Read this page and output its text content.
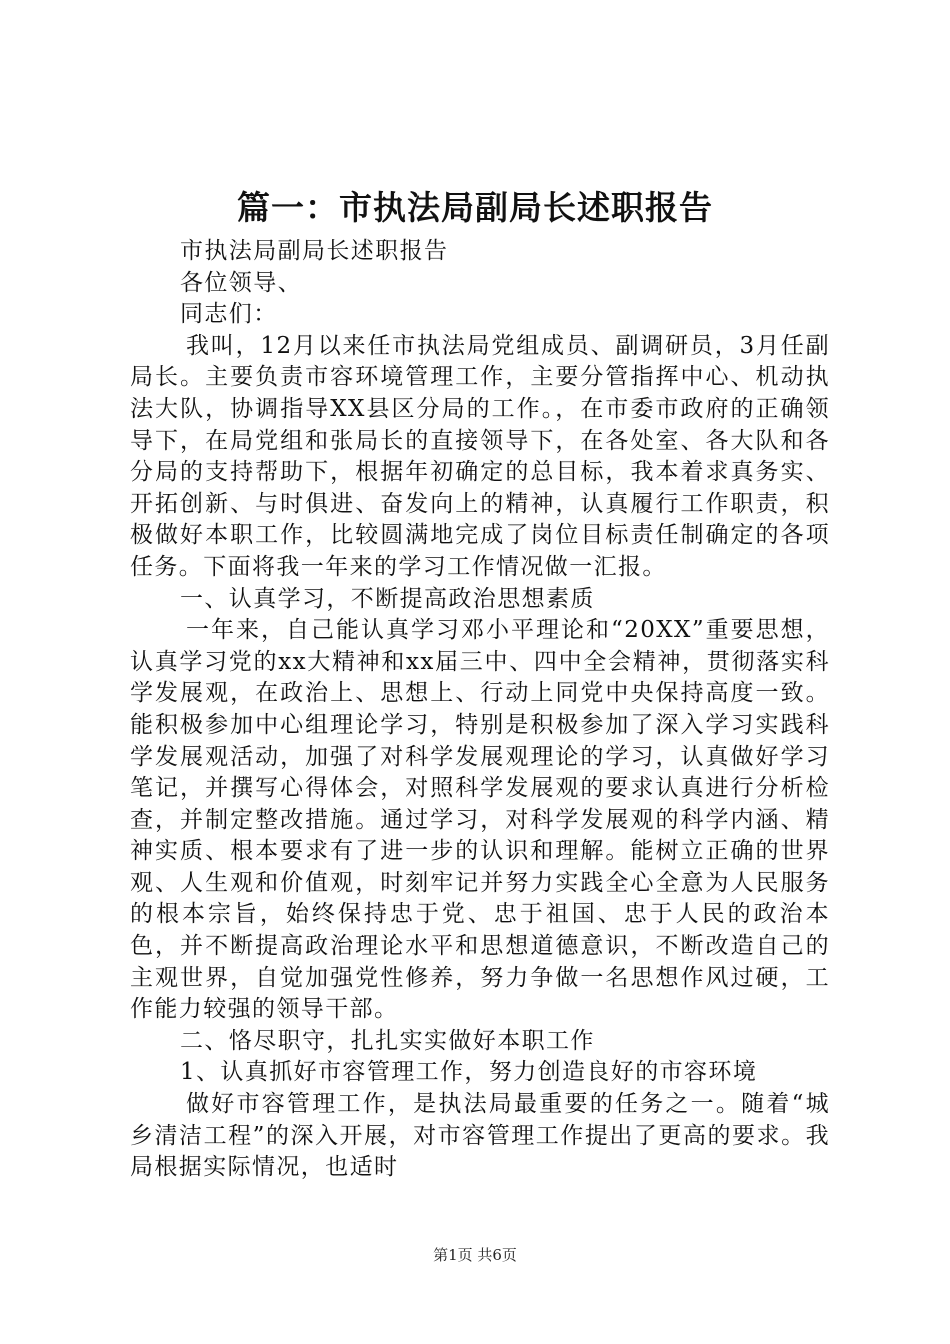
篇一：市执法局副局长述职报告

市执法局副局长述职报告

各位领导、

同志们：

我叫，12月以来任市执法局党组成员、副调研员，3月任副局长。主要负责市容环境管理工作，主要分管指挥中心、机动执法大队，协调指导XX县区分局的工作。，在市委市政府的正确领导下，在局党组和张局长的直接领导下，在各处室、各大队和各分局的支持帮助下，根据年初确定的总目标，我本着求真务实、开拓创新、与时俱进、奋发向上的精神，认真履行工作职责，积极做好本职工作，比较圆满地完成了岗位目标责任制确定的各项任务。下面将我一年来的学习工作情况做一汇报。

一、认真学习，不断提高政治思想素质

一年来，自己能认真学习邓小平理论和“20XX”重要思想，认真学习党的xx大精神和xx届三中、四中全会精神，贯彻落实科学发展观，在政治上、思想上、行动上同党中央保持高度一致。能积极参加中心组理论学习，特别是积极参加了深入学习实践科学发展观活动，加强了对科学发展观理论的学习，认真做好学习笔记，并撰写心得体会，对照科学发展观的要求认真进行分析检查，并制定整改措施。通过学习，对科学发展观的科学内涵、精神实质、根本要求有了进一步的认识和理解。能树立正确的世界观、人生观和价值观，时刻牢记并努力实践全心全意为人民服务的根本宗旨，始终保持忠于党、忠于祖国、忠于人民的政治本色，并不断提高政治理论水平和思想道德意识，不断改造自己的主观世界，自觉加强党性修养，努力争做一名思想作风过硬，工作能力较强的领导干部。

二、恪尽职守，扎扎实实做好本职工作

1、认真抓好市容管理工作，努力创造良好的市容环境

做好市容管理工作，是执法局最重要的任务之一。随着“城乡清洁工程”的深入开展，对市容管理工作提出了更高的要求。我局根据实际情况，也适时

第1页 共6页
